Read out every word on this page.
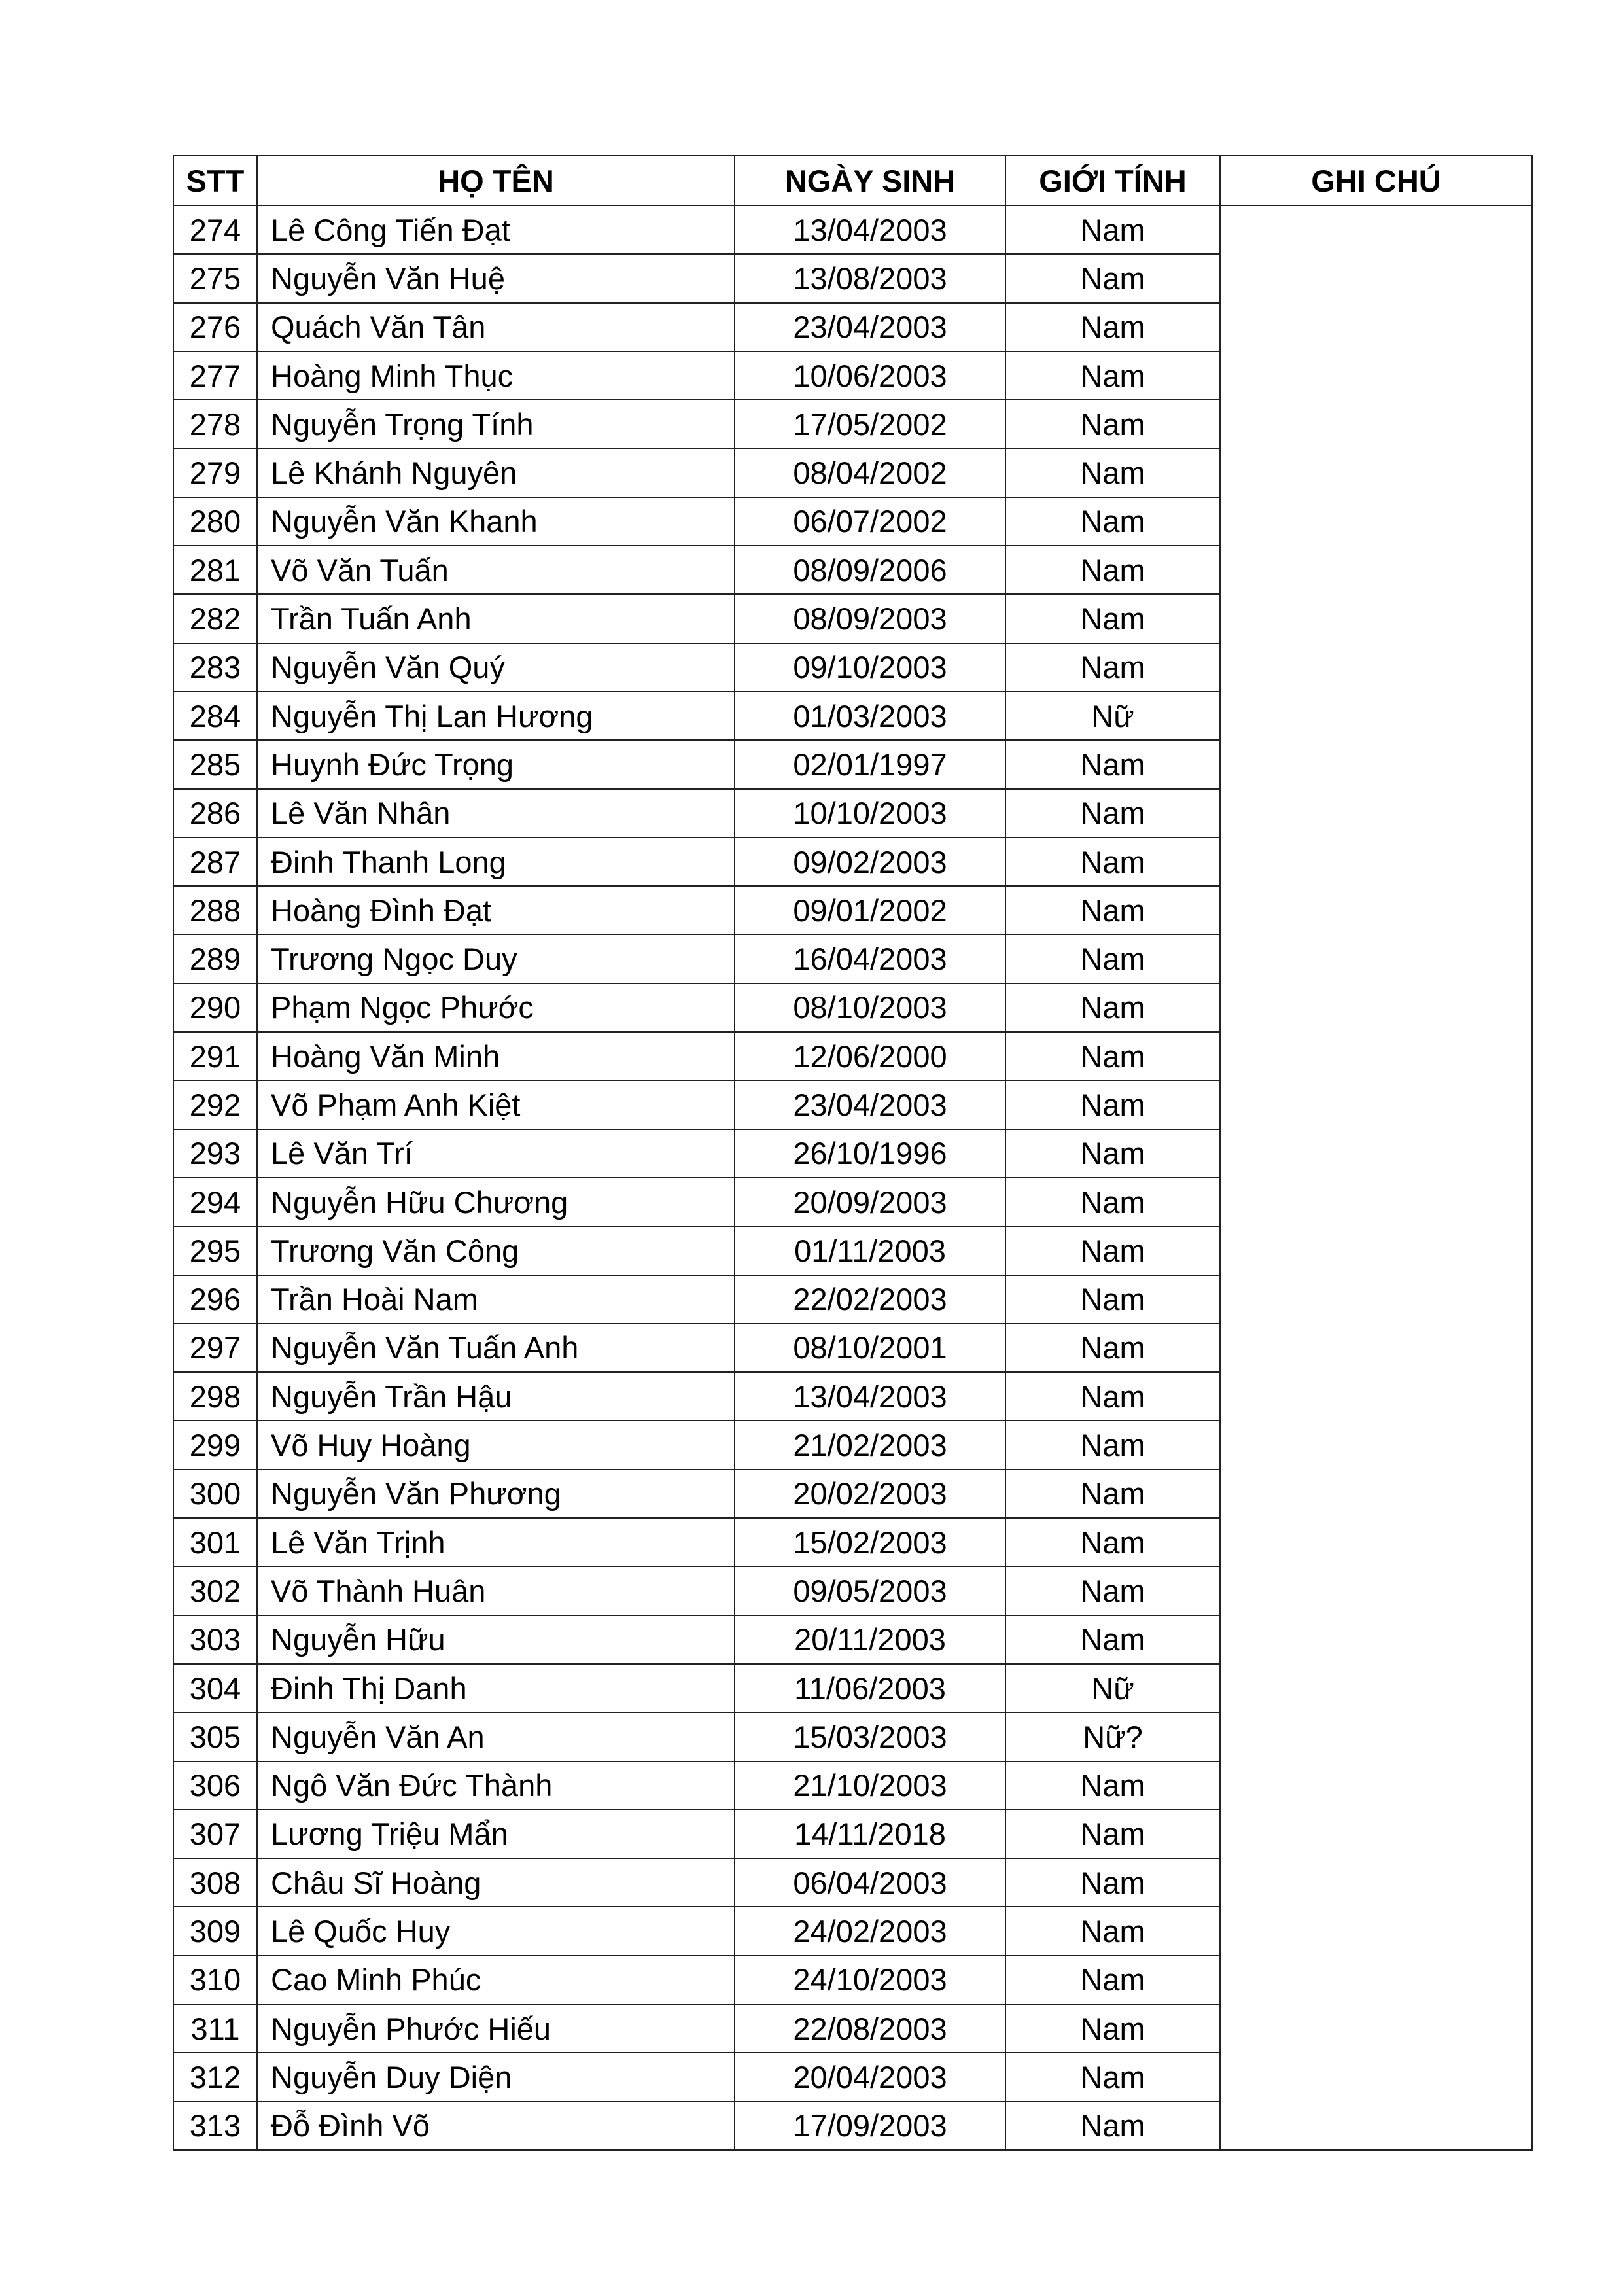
STT	HỌ TÊN	NGÀY SINH	GIỚI TÍNH	GHI CHÚ
274	Lê Công Tiến Đạt	13/04/2003	Nam	
275	Nguyễn Văn Huệ	13/08/2003	Nam	
276	Quách Văn Tân	23/04/2003	Nam	
277	Hoàng Minh Thục	10/06/2003	Nam	
278	Nguyễn Trọng Tính	17/05/2002	Nam	
279	Lê Khánh Nguyên	08/04/2002	Nam	
280	Nguyễn Văn Khanh	06/07/2002	Nam	
281	Võ Văn Tuấn	08/09/2006	Nam	
282	Trần Tuấn Anh	08/09/2003	Nam	
283	Nguyễn Văn Quý	09/10/2003	Nam	
284	Nguyễn Thị Lan Hương	01/03/2003	Nữ	
285	Huynh Đức Trọng	02/01/1997	Nam	
286	Lê Văn Nhân	10/10/2003	Nam	
287	Đinh Thanh Long	09/02/2003	Nam	
288	Hoàng Đình Đạt	09/01/2002	Nam	
289	Trương Ngọc Duy	16/04/2003	Nam	
290	Phạm Ngọc Phước	08/10/2003	Nam	
291	Hoàng Văn Minh	12/06/2000	Nam	
292	Võ Phạm Anh Kiệt	23/04/2003	Nam	
293	Lê Văn Trí	26/10/1996	Nam	
294	Nguyễn Hữu Chương	20/09/2003	Nam	
295	Trương Văn Công	01/11/2003	Nam	
296	Trần Hoài Nam	22/02/2003	Nam	
297	Nguyễn Văn Tuấn Anh	08/10/2001	Nam	
298	Nguyễn Trần Hậu	13/04/2003	Nam	
299	Võ Huy Hoàng	21/02/2003	Nam	
300	Nguyễn Văn Phương	20/02/2003	Nam	
301	Lê Văn Trịnh	15/02/2003	Nam	
302	Võ Thành Huân	09/05/2003	Nam	
303	Nguyễn Hữu	20/11/2003	Nam	
304	Đinh Thị Danh	11/06/2003	Nữ	
305	Nguyễn Văn An	15/03/2003	Nữ?	
306	Ngô Văn Đức Thành	21/10/2003	Nam	
307	Lương Triệu Mẩn	14/11/2018	Nam	
308	Châu Sĩ Hoàng	06/04/2003	Nam	
309	Lê Quốc Huy	24/02/2003	Nam	
310	Cao Minh Phúc	24/10/2003	Nam	
311	Nguyễn Phước Hiếu	22/08/2003	Nam	
312	Nguyễn Duy Diện	20/04/2003	Nam	
313	Đỗ Đình Võ	17/09/2003	Nam	
